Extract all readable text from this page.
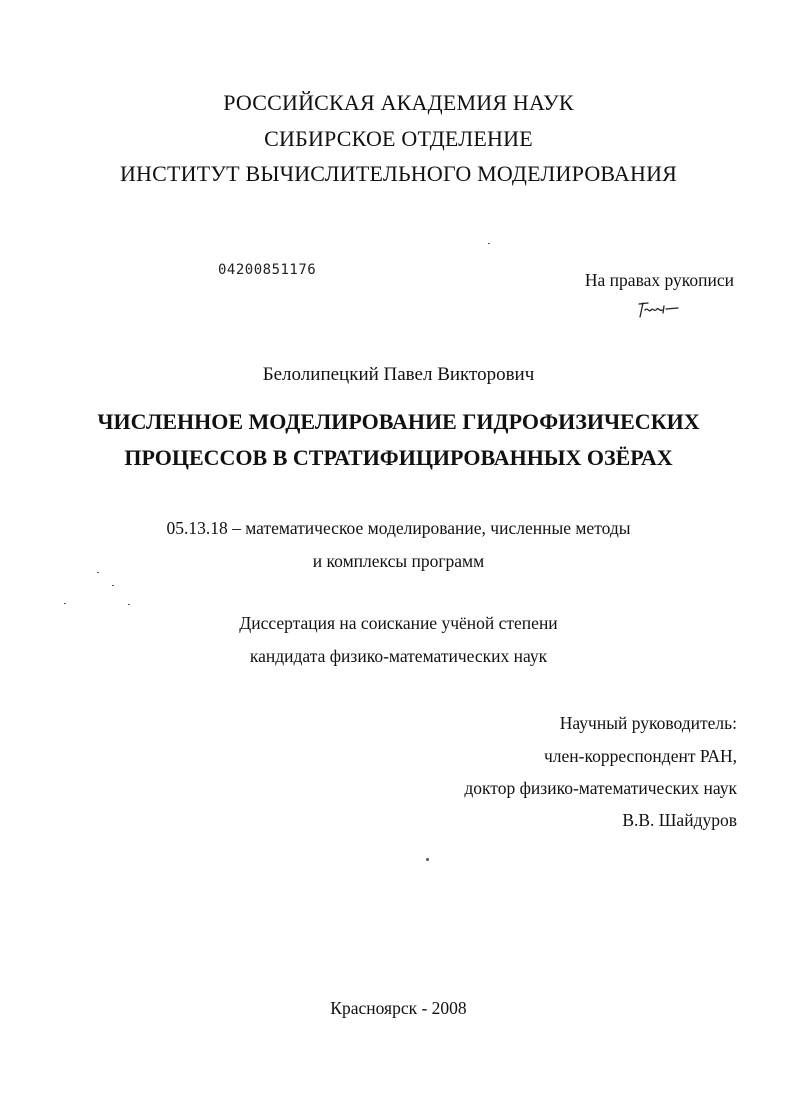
РОССИЙСКАЯ АКАДЕМИЯ НАУК
СИБИРСКОЕ ОТДЕЛЕНИЕ
ИНСТИТУТ ВЫЧИСЛИТЕЛЬНОГО МОДЕЛИРОВАНИЯ
04200851176	На правах рукописи
Белолипецкий Павел Викторович
ЧИСЛЕННОЕ МОДЕЛИРОВАНИЕ ГИДРОФИЗИЧЕСКИХ
ПРОЦЕССОВ В СТРАТИФИЦИРОВАННЫХ ОЗЁРАХ
05.13.18 – математическое моделирование, численные методы
и комплексы программ
Диссертация на соискание учёной степени
кандидата физико-математических наук
Научный руководитель:
член-корреспондент РАН,
доктор физико-математических наук
В.В. Шайдуров
Красноярск - 2008
